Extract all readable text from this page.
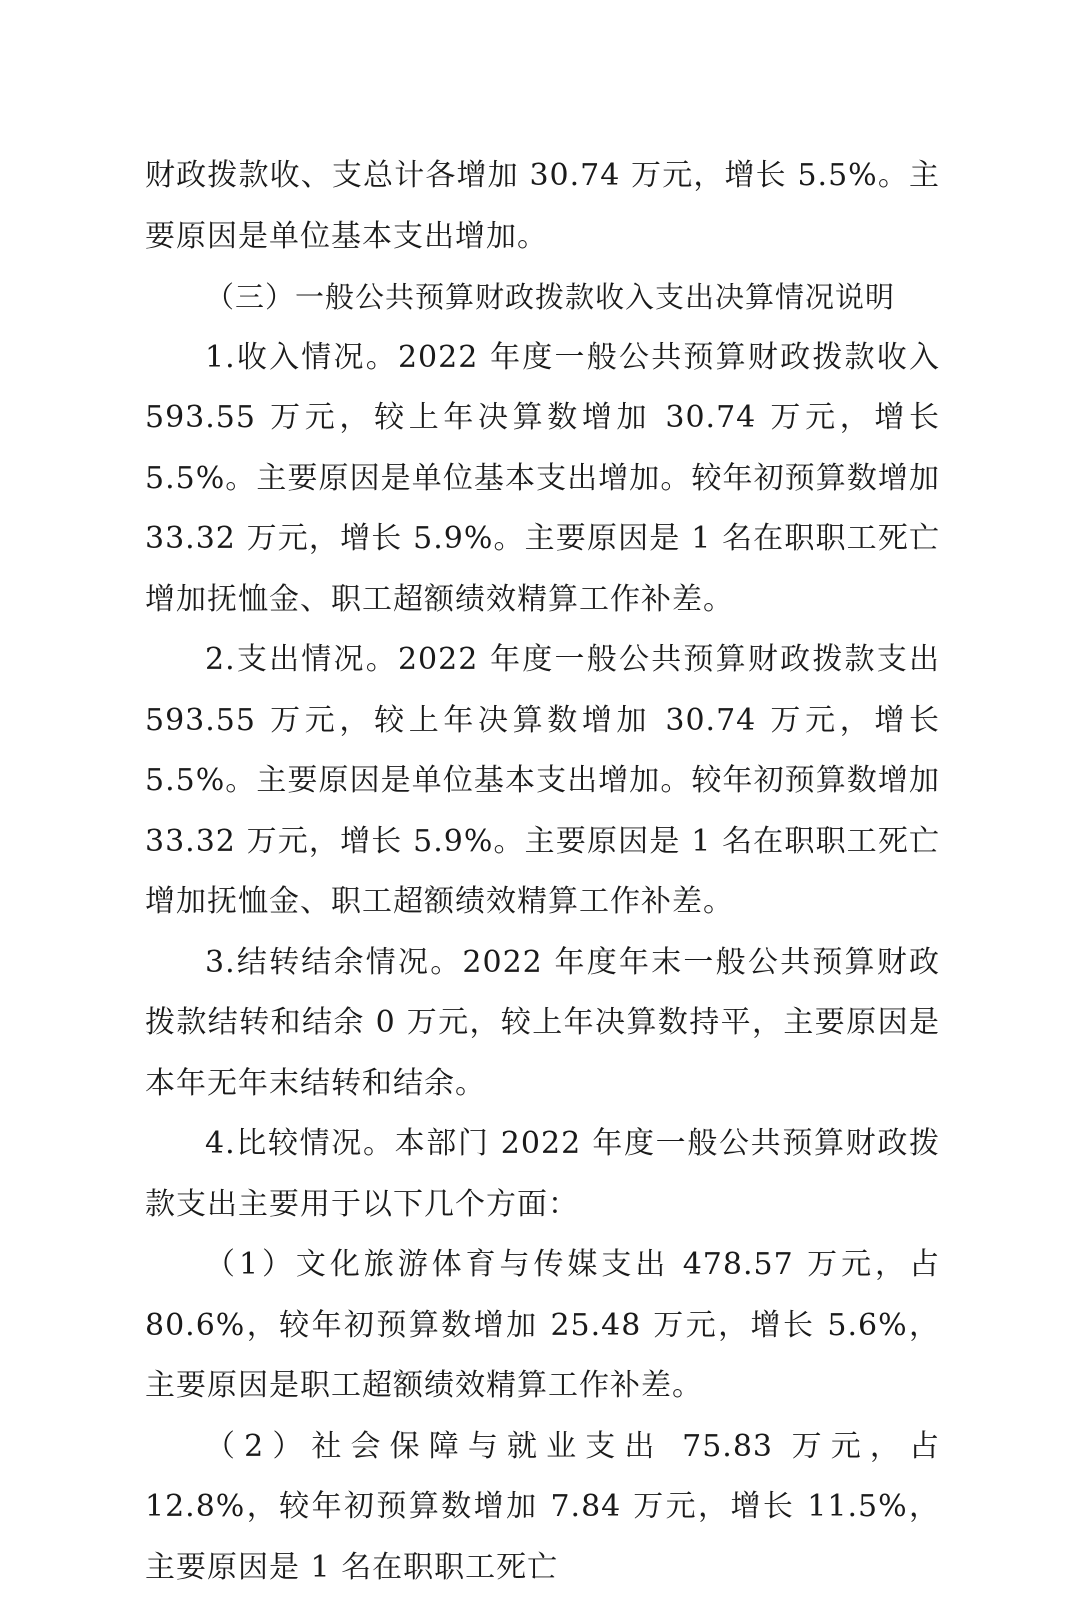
财政拨款收、支总计各增加 30.74 万元，增长 5.5%。主要原因是单位基本支出增加。

（三）一般公共预算财政拨款收入支出决算情况说明

1.收入情况。2022 年度一般公共预算财政拨款收入 593.55 万元，较上年决算数增加 30.74 万元，增长 5.5%。主要原因是单位基本支出增加。较年初预算数增加 33.32 万元，增长 5.9%。主要原因是 1 名在职职工死亡增加抚恤金、职工超额绩效精算工作补差。

2.支出情况。2022 年度一般公共预算财政拨款支出 593.55 万元，较上年决算数增加 30.74 万元，增长 5.5%。主要原因是单位基本支出增加。较年初预算数增加 33.32 万元，增长 5.9%。主要原因是 1 名在职职工死亡增加抚恤金、职工超额绩效精算工作补差。

3.结转结余情况。2022 年度年末一般公共预算财政拨款结转和结余 0 万元，较上年决算数持平，主要原因是本年无年末结转和结余。

4.比较情况。本部门 2022 年度一般公共预算财政拨款支出主要用于以下几个方面：

（1）文化旅游体育与传媒支出 478.57 万元，占 80.6%，较年初预算数增加 25.48 万元，增长 5.6%，主要原因是职工超额绩效精算工作补差。

（2）社会保障与就业支出 75.83 万元，占 12.8%，较年初预算数增加 7.84 万元，增长 11.5%，主要原因是 1 名在职职工死亡
